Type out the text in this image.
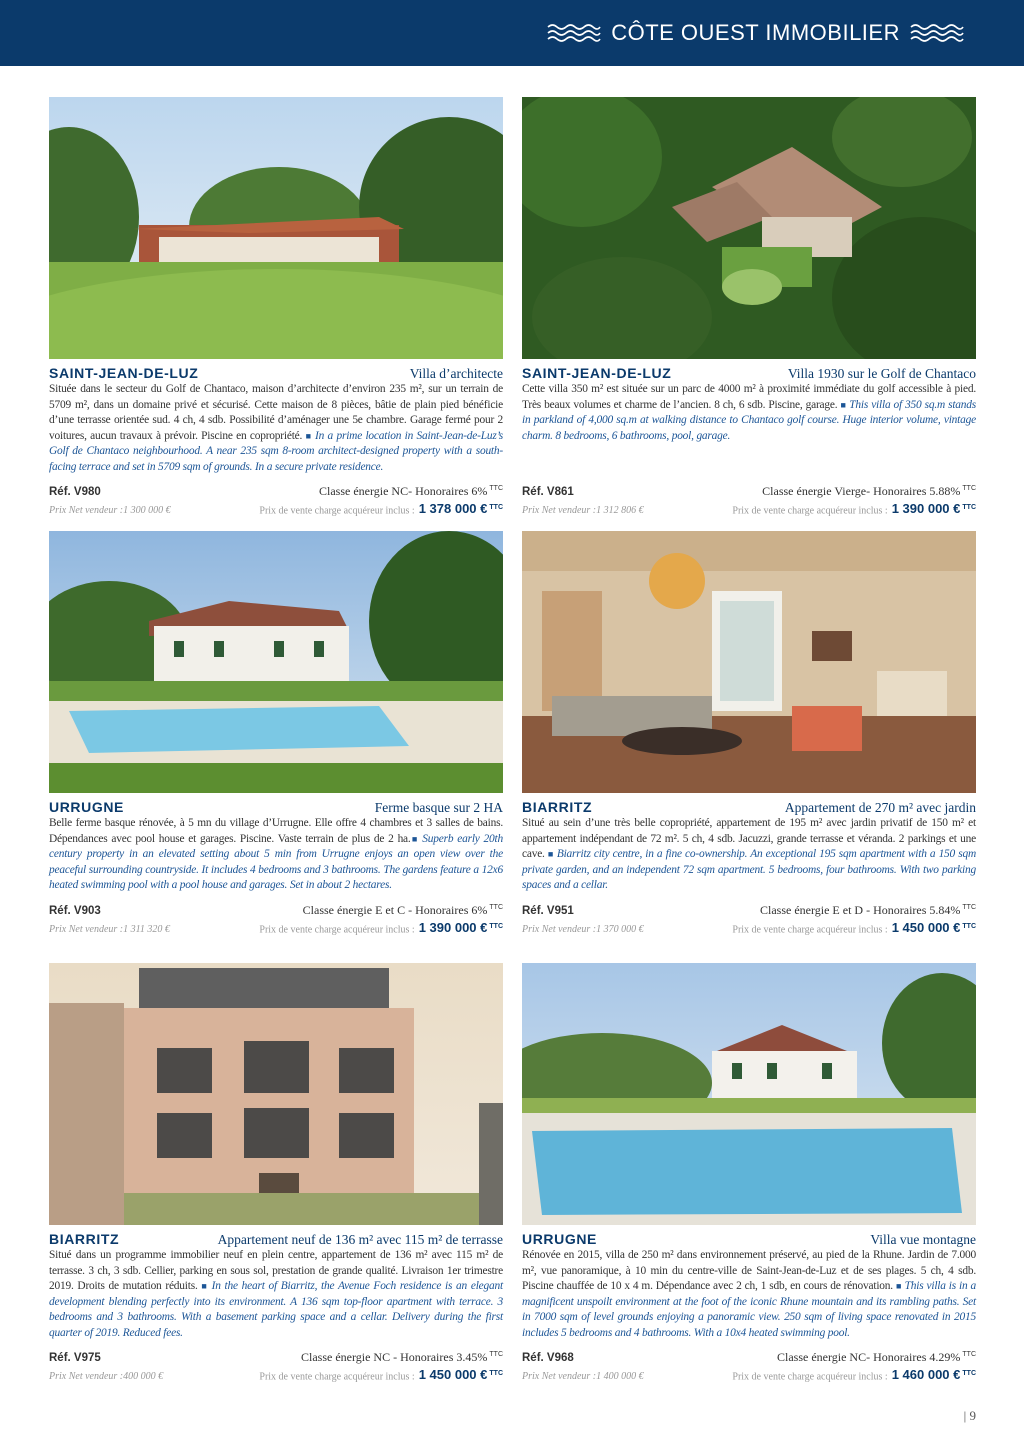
CÔTE OUEST IMMOBILIER
SAINT-JEAN-DE-LUZ	Villa d’architecte

Située dans le secteur du Golf de Chantaco, maison d’architecte d’environ 235 m², sur un terrain de 5709 m², dans un domaine privé et sécurisé. Cette maison de 8 pièces, bâtie de plain pied bénéficie d’une terrasse orientée sud. 4 ch, 4 sdb. Possibilité d’aménager une 5e chambre. Garage fermé pour 2 voitures, aucun travaux à prévoir. Piscine en copropriété. ■ In a prime location in Saint-Jean-de-Luz’s Golf de Chantaco neighbourhood. A near 235 sqm 8-room architect-designed property with a south-facing terrace and set in 5709 sqm of grounds. In a secure private residence.

Réf. V980	Classe énergie NC- Honoraires 6% $^{TTC}$
Prix Net vendeur :1 300 000 €	Prix de vente charge acquéreur inclus : 1 378 000 € $^{TTC}$
SAINT-JEAN-DE-LUZ	Villa 1930 sur le Golf de Chantaco

Cette villa 350 m² est située sur un parc de 4000 m² à proximité immédiate du golf accessible à pied. Très beaux volumes et charme de l’ancien. 8 ch, 6 sdb. Piscine, garage. ■ This villa of 350 sq.m stands in parkland of 4,000 sq.m at walking distance to Chantaco golf course. Huge interior volume, vintage charm. 8 bedrooms, 6 bathrooms, pool, garage.

Réf. V861	Classe énergie Vierge- Honoraires 5.88% $^{TTC}$
Prix Net vendeur :1 312 806 €	Prix de vente charge acquéreur inclus : 1 390 000 € $^{TTC}$
URRUGNE	Ferme basque sur 2 HA

Belle ferme basque rénovée, à 5 mn du village d’Urrugne. Elle offre 4 chambres et 3 salles de bains. Dépendances avec pool house et garages. Piscine. Vaste terrain de plus de 2 ha.■ Superb early 20th century property in an elevated setting about 5 min from Urrugne enjoys an open view over the peaceful surrounding countryside. It includes 4 bedrooms and 3 bathrooms. The gardens feature a 12x6 heated swimming pool with a pool house and garages. Set in about 2 hectares.

Réf. V903	Classe énergie E et C - Honoraires 6% $^{TTC}$
Prix Net vendeur :1 311 320 €	Prix de vente charge acquéreur inclus : 1 390 000 € $^{TTC}$
BIARRITZ	Appartement de 270 m² avec jardin

Situé au sein d’une très belle copropriété, appartement de 195 m² avec jardin privatif de 150 m² et appartement indépendant de 72 m². 5 ch, 4 sdb. Jacuzzi, grande terrasse et véranda. 2 parkings et une cave. ■ Biarritz city centre, in a fine co-ownership. An exceptional 195 sqm apartment with a 150 sqm private garden, and an independent 72 sqm apartment. 5 bedrooms, four bathrooms. With two parking spaces and a cellar.

Réf. V951	Classe énergie E et D - Honoraires 5.84% $^{TTC}$
Prix Net vendeur :1 370 000 €	Prix de vente charge acquéreur inclus : 1 450 000 € $^{TTC}$
BIARRITZ	Appartement neuf de 136 m² avec 115 m² de terrasse

Situé dans un programme immobilier neuf en plein centre, appartement de 136 m² avec 115 m² de terrasse. 3 ch, 3 sdb. Cellier, parking en sous sol, prestation de grande qualité. Livraison 1er trimestre 2019. Droits de mutation réduits. ■ In the heart of Biarritz, the Avenue Foch residence is an elegant development blending perfectly into its environment. A 136 sqm top-floor apartment with terrace. 3 bedrooms and 3 bathrooms. With a basement parking space and a cellar. Delivery during the first quarter of 2019. Reduced fees.

Réf. V975	Classe énergie NC - Honoraires 3.45% $^{TTC}$
Prix Net vendeur :400 000 €	Prix de vente charge acquéreur inclus : 1 450 000 € $^{TTC}$
URRUGNE	Villa vue montagne

Rénovée en 2015, villa de 250 m² dans environnement préservé, au pied de la Rhune. Jardin de 7.000 m², vue panoramique, à 10 min du centre-ville de Saint-Jean-de-Luz et de ses plages. 5 ch, 4 sdb. Piscine chauffée de 10 x 4 m. Dépendance avec 2 ch, 1 sdb, en cours de rénovation. ■ This villa is in a magnificent unspoilt environment at the foot of the iconic Rhune mountain and its rambling paths. Set in 7000 sqm of level grounds enjoying a panoramic view. 250 sqm of living space renovated in 2015 includes 5 bedrooms and 4 bathrooms. With a 10x4 heated swimming pool.

Réf. V968	Classe énergie NC- Honoraires 4.29% $^{TTC}$
Prix Net vendeur :1 400 000 €	Prix de vente charge acquéreur inclus : 1 460 000 € $^{TTC}$
| 9
